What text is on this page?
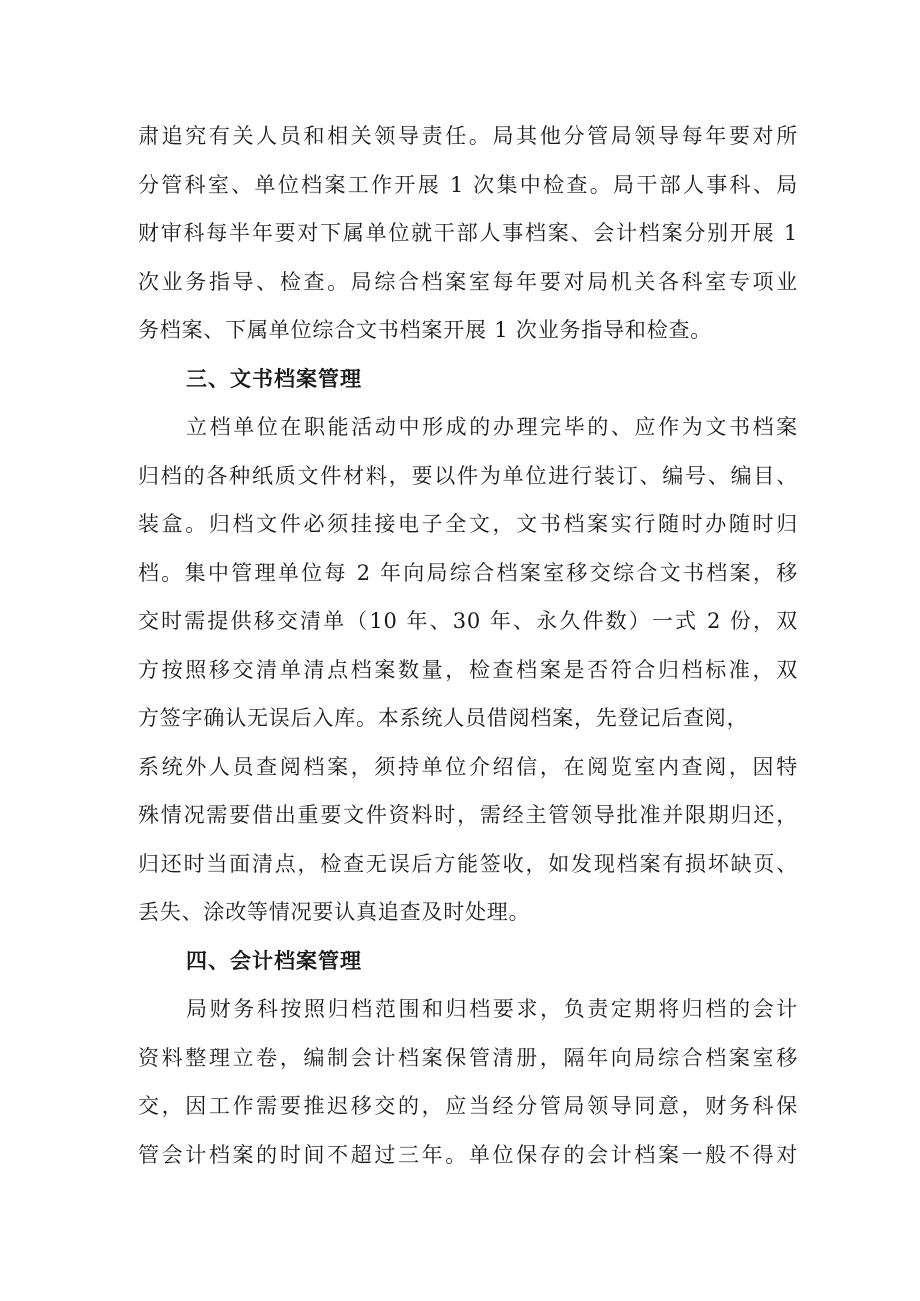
肃追究有关人员和相关领导责任。局其他分管局领导每年要对所
分管科室、单位档案工作开展 1 次集中检查。局干部人事科、局
财审科每半年要对下属单位就干部人事档案、会计档案分别开展 1
次业务指导、检查。局综合档案室每年要对局机关各科室专项业
务档案、下属单位综合文书档案开展 1 次业务指导和检查。
三、文书档案管理
立档单位在职能活动中形成的办理完毕的、应作为文书档案
归档的各种纸质文件材料，要以件为单位进行装订、编号、编目、
装盒。归档文件必须挂接电子全文，文书档案实行随时办随时归
档。集中管理单位每 2 年向局综合档案室移交综合文书档案，移
交时需提供移交清单（10 年、30 年、永久件数）一式 2 份，双
方按照移交清单清点档案数量，检查档案是否符合归档标准，双
方签字确认无误后入库。本系统人员借阅档案，先登记后查阅，
系统外人员查阅档案，须持单位介绍信，在阅览室内查阅，因特
殊情况需要借出重要文件资料时，需经主管领导批准并限期归还，
归还时当面清点，检查无误后方能签收，如发现档案有损坏缺页、
丢失、涂改等情况要认真追查及时处理。
四、会计档案管理
局财务科按照归档范围和归档要求，负责定期将归档的会计
资料整理立卷，编制会计档案保管清册，隔年向局综合档案室移
交，因工作需要推迟移交的，应当经分管局领导同意，财务科保
管会计档案的时间不超过三年。单位保存的会计档案一般不得对
